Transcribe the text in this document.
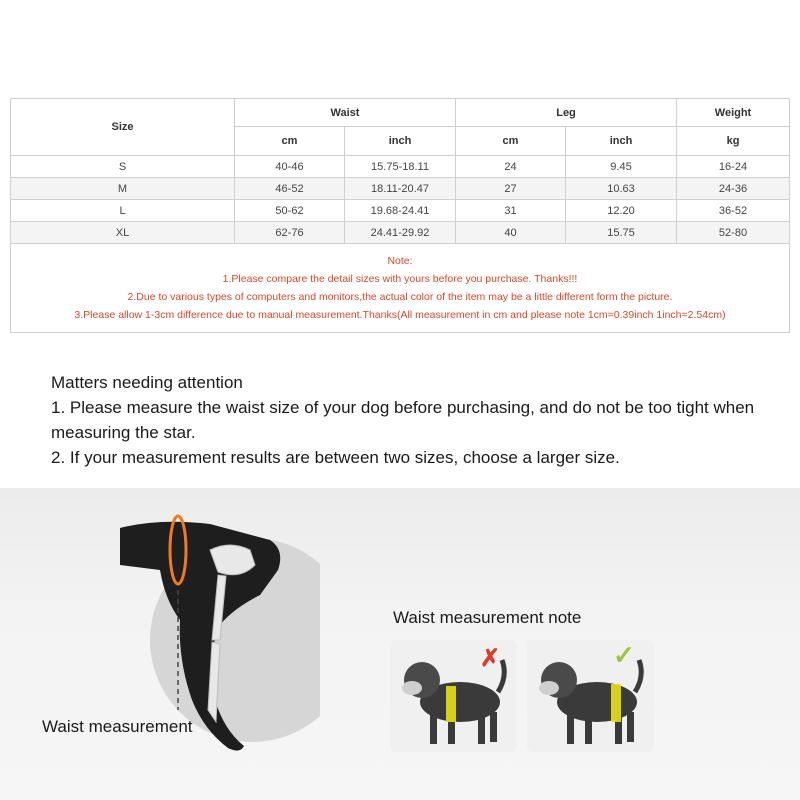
Size	Waist		Leg		Weight
	cm	inch	cm	inch	kg
S	40-46	15.75-18.11	24	9.45	16-24
M	46-52	18.11-20.47	27	10.63	24-36
L	50-62	19.68-24.41	31	12.20	36-52
XL	62-76	24.41-29.92	40	15.75	52-80

Note:
1.Please compare the detail sizes with yours before you purchase. Thanks!!!
2.Due to various types of computers and monitors,the actual color of the item may be a little different form the picture.
3.Please allow 1-3cm difference due to manual measurement.Thanks(All measurement in cm and please note 1cm=0.39inch 1inch=2.54cm)					

Matters needing attention

1. Please measure the waist size of your dog before purchasing, and do not be too tight when measuring the star.

2. If your measurement results are between two sizes, choose a larger size.

Waist measurement
Waist measurement note
✗	✓
